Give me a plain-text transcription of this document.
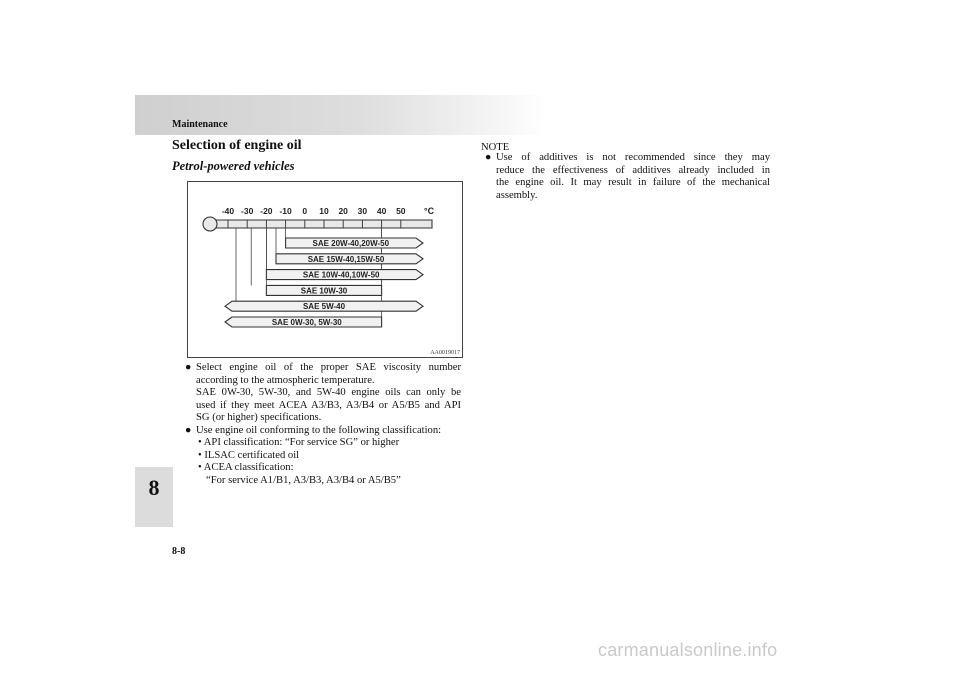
Maintenance
Selection of engine oil
Petrol-powered vehicles
-40 -30 -20 -10 0 10 20 30 40 50 °C
SAE 20W-40,20W-50
SAE 15W-40,15W-50
SAE 10W-40,10W-50
SAE 10W-30
SAE 5W-40
SAE 0W-30, 5W-30
AA0019017
● Select engine oil of the proper SAE viscosity number
according to the atmospheric temperature.
SAE 0W-30, 5W-30, and 5W-40 engine oils can only be
used if they meet ACEA A3/B3, A3/B4 or A5/B5 and API
SG (or higher) specifications.
● Use engine oil conforming to the following classification:
• API classification: “For service SG” or higher
• ILSAC certificated oil
• ACEA classification:
“For service A1/B1, A3/B3, A3/B4 or A5/B5”
NOTE
● Use of additives is not recommended since they may
reduce the effectiveness of additives already included in
the engine oil. It may result in failure of the mechanical
assembly.
8
8-8
carmanualsonline.info
